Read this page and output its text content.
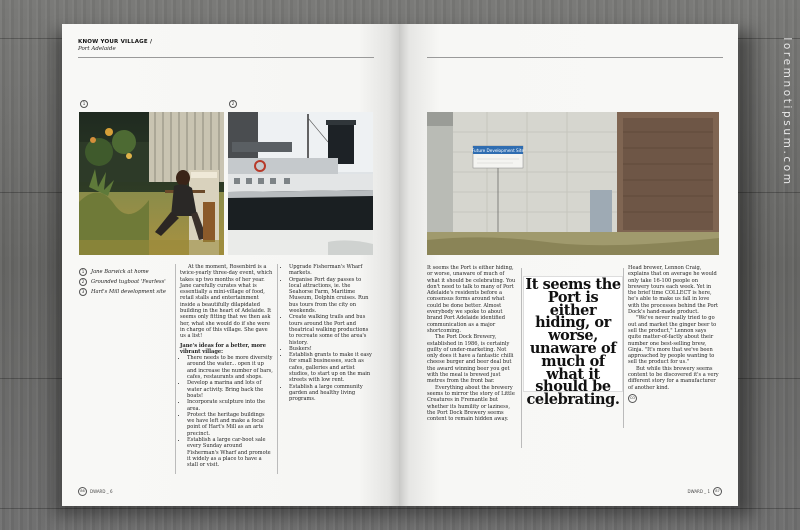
loremnotipsum.com
KNOW YOUR VILLAGE /
Port Adelaide
1	2
1	Jane Barwick at home
2	Grounded tugboat 'Fearless'
3	Hart's Mill development site

At the moment, Rosenbird is a twice-yearly three-day event, which takes up two months of her year. Jane carefully curates what is essentially a mini-village of food, retail stalls and entertainment inside a beautifully dilapidated building in the heart of Adelaide. It seems only fitting that we then ask her, what she would do if she were in charge of this village. She gave us a list!

Jane's ideas for a better, more vibrant village:

• There needs to be more diversity around the water... open it up and increase the number of bars, cafes, restaurants and shops.
• Develop a marina and lots of water activity. Bring back the boats!
• Incorporate sculpture into the area.
• Protect the heritage buildings we have left and make a focal point of Hart's Mill as an arts precinct.
• Establish a large car-boot sale every Sunday around Fisherman's Wharf and promote it widely as a place to have a stall or visit.
• Upgrade Fisherman's Wharf markets.
• Organise Port day passes to local attractions, ie. the Seahorse Farm, Maritime Museum, Dolphin cruises. Run bus tours from the city on weekends.
• Create walking trails and bus tours around the Port and theatrical walking productions to recreate some of the area's history.
• Buskers!
• Establish grants to make it easy for small businesses, such as cafes, galleries and artist studios, to start up on the main streets with low rent.
• Establish a large community garden and healthy living programs.
86	DWARD _ 6
Future Development Site

It seems the Port is either hiding, or worse, unaware of much of what it should be celebrating. You don't need to talk to many of Port Adelaide's residents before a consensus forms around what could be done better. Almost everybody we spoke to about brand Port Adelaide identified communication as a major shortcoming.

The Port Dock Brewery, established in 1986, is certainly guilty of under-marketing. Not only does it have a fantastic chilli cheese burger and beer deal but the award winning beer you get with the meal is brewed just metres from the front bar.

Everything about the brewery seems to mirror the story of Little Creatures in Fremantle but whether its humility or laziness, the Port Dock Brewery seems content to remain hidden away.

It seems the Port is either hiding, or worse, unaware of much of what it should be celebrating.

Head brewer, Lennon Craig, explains that on average he would only take 16-100 people on brewery tours each week. Yet in the brief time COLLECT is here, he's able to make us fall in love with the processes behind the Port Dock's hand-made product.

"We've never really tried to go out and market the ginger beer to sell the product," Lennon says quite matter-of-factly about their number one best-selling brew, Ginja. "It's more that we've been approached by people wanting to sell the product for us."

But while this brewery seems content to be discovered it's a very different story for a manufacturer of another kind.

CO
DWARD _ 1	87
